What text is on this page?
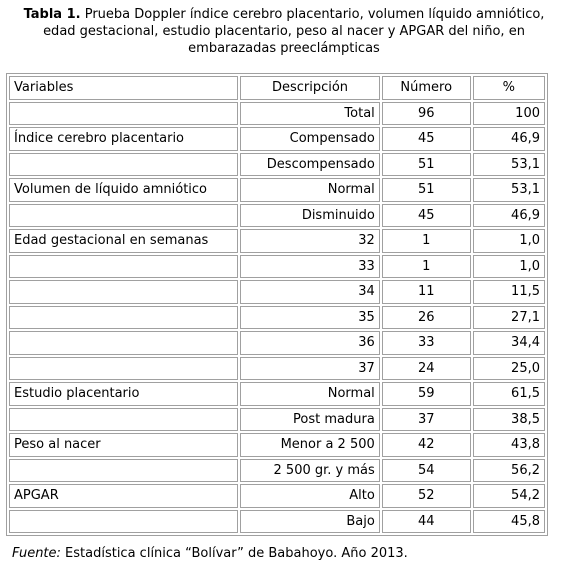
Tabla 1. Prueba Doppler índice cerebro placentario, volumen líquido amniótico,
edad gestacional, estudio placentario, peso al nacer y APGAR del niño, en
embarazadas preeclámpticas
Variables	Descripción	Número	%
	Total	96	100
Índice cerebro placentario	Compensado	45	46,9
	Descompensado	51	53,1
Volumen de líquido amniótico	Normal	51	53,1
	Disminuido	45	46,9
Edad gestacional en semanas	32	1	1,0
	33	1	1,0
	34	11	11,5
	35	26	27,1
	36	33	34,4
	37	24	25,0
Estudio placentario	Normal	59	61,5
	Post madura	37	38,5
Peso al nacer	Menor a 2 500	42	43,8
	2 500 gr. y más	54	56,2
APGAR	Alto	52	54,2
	Bajo	44	45,8
Fuente: Estadística clínica “Bolívar” de Babahoyo. Año 2013.
